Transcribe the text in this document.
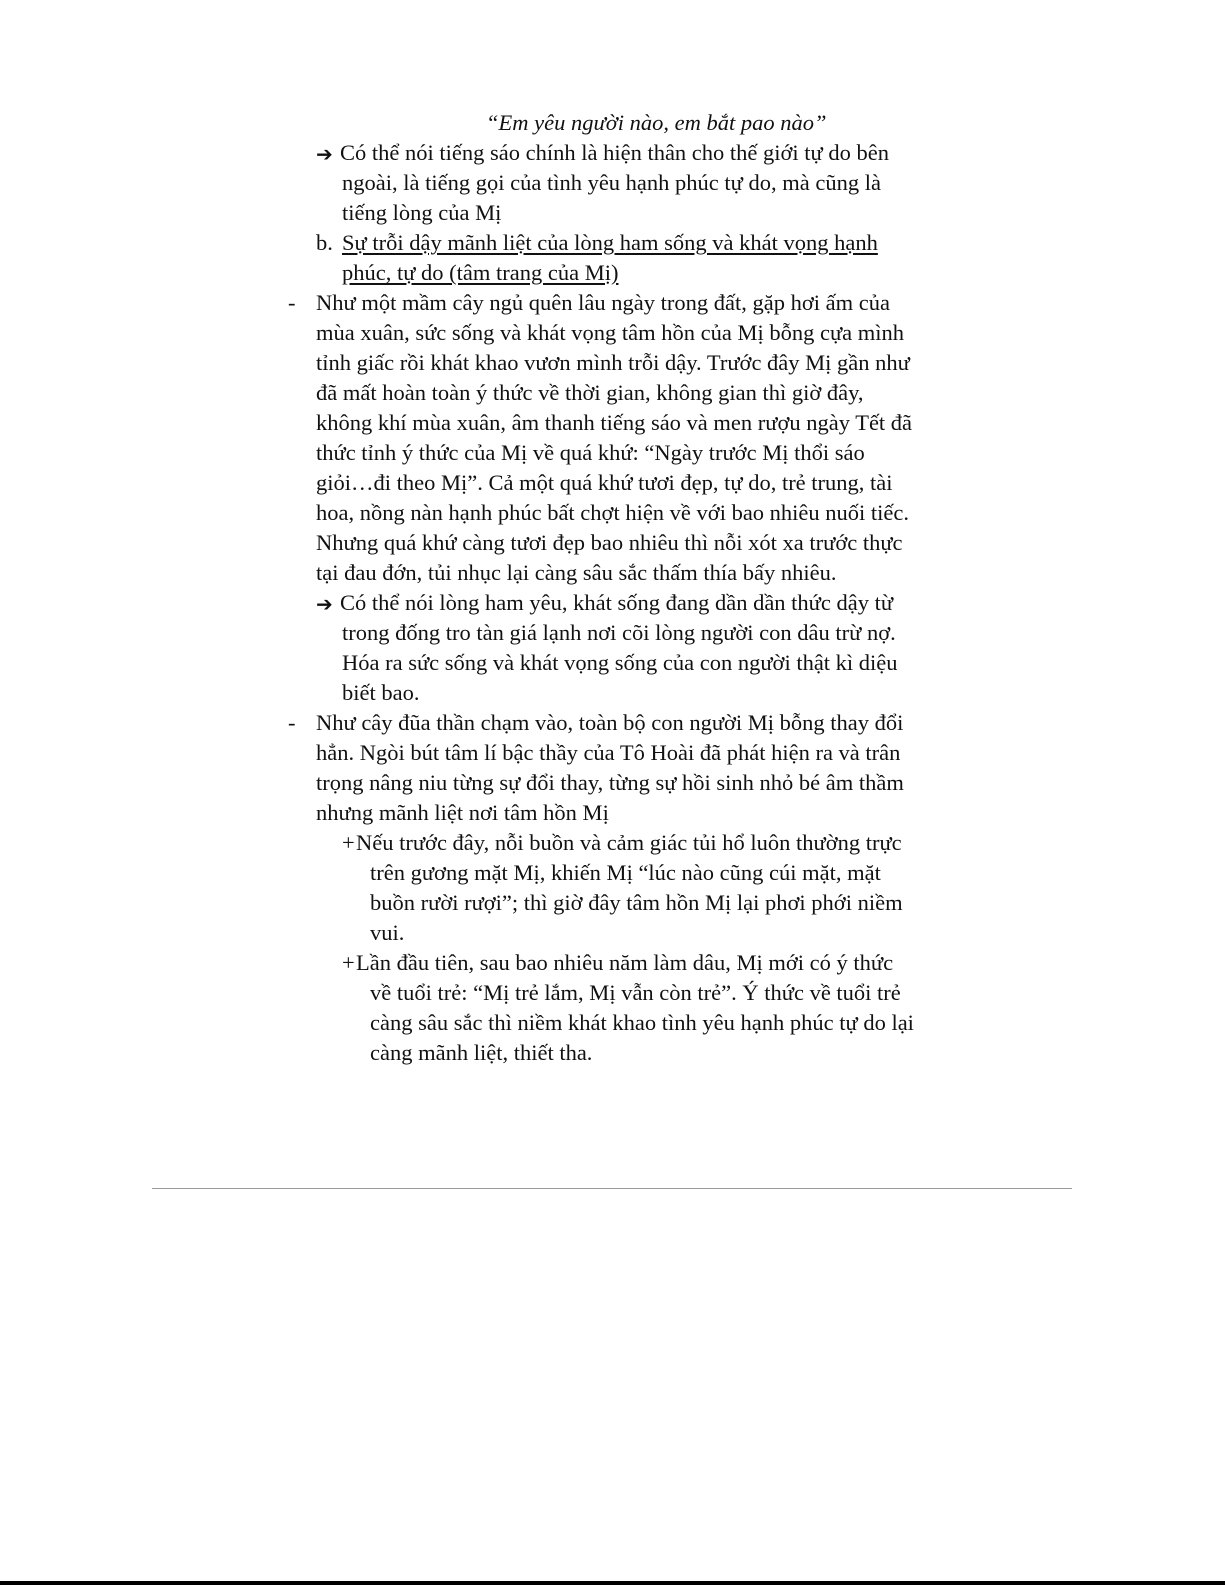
“Em yêu người nào, em bắt pao nào”
➔ Có thể nói tiếng sáo chính là hiện thân cho thế giới tự do bên
ngoài, là tiếng gọi của tình yêu hạnh phúc tự do, mà cũng là
tiếng lòng của Mị
b. Sự trỗi dậy mãnh liệt của lòng ham sống và khát vọng hạnh
phúc, tự do (tâm trang của Mị)
- Như một mầm cây ngủ quên lâu ngày trong đất, gặp hơi ấm của
mùa xuân, sức sống và khát vọng tâm hồn của Mị bỗng cựa mình
tỉnh giấc rồi khát khao vươn mình trỗi dậy. Trước đây Mị gần như
đã mất hoàn toàn ý thức về thời gian, không gian thì giờ đây,
không khí mùa xuân, âm thanh tiếng sáo và men rượu ngày Tết đã
thức tỉnh ý thức của Mị về quá khứ: “Ngày trước Mị thổi sáo
giỏi…đi theo Mị”. Cả một quá khứ tươi đẹp, tự do, trẻ trung, tài
hoa, nồng nàn hạnh phúc bất chợt hiện về với bao nhiêu nuối tiếc.
Nhưng quá khứ càng tươi đẹp bao nhiêu thì nỗi xót xa trước thực
tại đau đớn, tủi nhục lại càng sâu sắc thấm thía bấy nhiêu.
➔ Có thể nói lòng ham yêu, khát sống đang dần dần thức dậy từ
trong đống tro tàn giá lạnh nơi cõi lòng người con dâu trừ nợ.
Hóa ra sức sống và khát vọng sống của con người thật kì diệu
biết bao.
- Như cây đũa thần chạm vào, toàn bộ con người Mị bỗng thay đổi
hẳn. Ngòi bút tâm lí bậc thầy của Tô Hoài đã phát hiện ra và trân
trọng nâng niu từng sự đổi thay, từng sự hồi sinh nhỏ bé âm thầm
nhưng mãnh liệt nơi tâm hồn Mị
+ Nếu trước đây, nỗi buồn và cảm giác tủi hổ luôn thường trực
trên gương mặt Mị, khiến Mị “lúc nào cũng cúi mặt, mặt
buồn rười rượi”; thì giờ đây tâm hồn Mị lại phơi phới niềm
vui.
+ Lần đầu tiên, sau bao nhiêu năm làm dâu, Mị mới có ý thức
về tuổi trẻ: “Mị trẻ lắm, Mị vẫn còn trẻ”. Ý thức về tuổi trẻ
càng sâu sắc thì niềm khát khao tình yêu hạnh phúc tự do lại
càng mãnh liệt, thiết tha.
